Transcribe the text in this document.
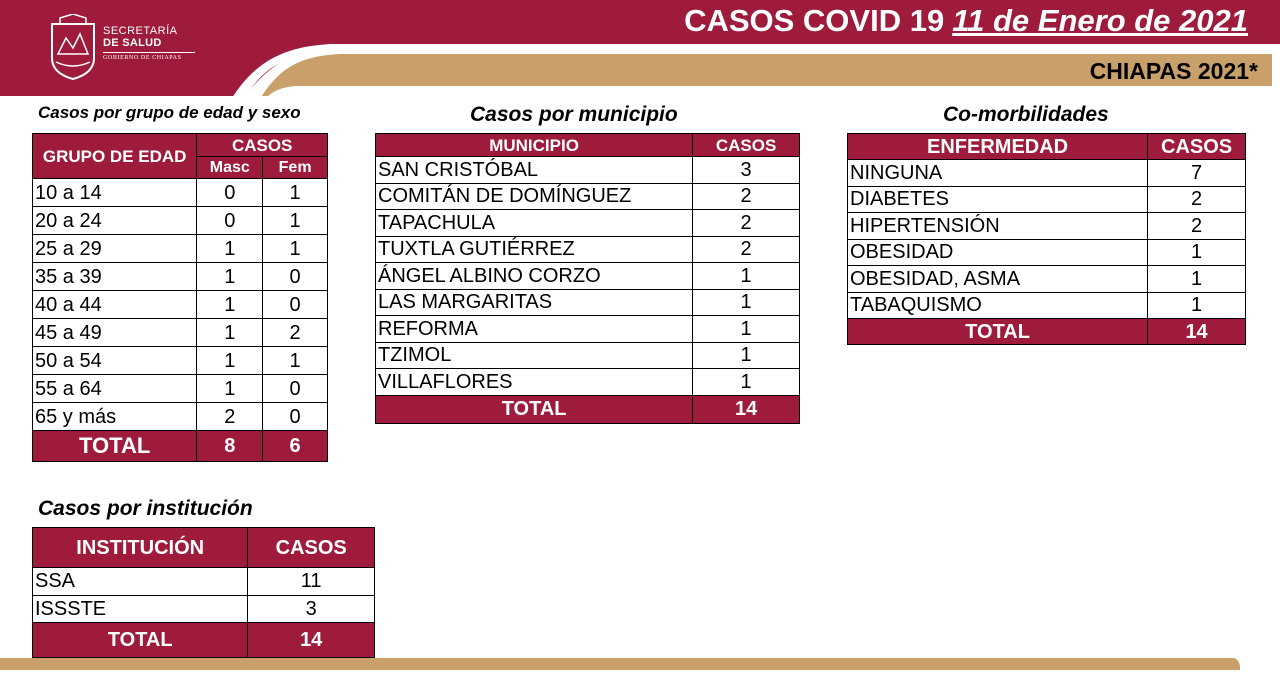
SECRETARÍA
DE SALUD
GOBIERNO DE CHIAPAS
CASOS COVID 19 11 de Enero de 2021
CHIAPAS 2021*
Casos por grupo de edad y sexo
GRUPO DE EDAD	CASOS	
	Masc	Fem
10 a 14	0	1
20 a 24	0	1
25 a 29	1	1
35 a 39	1	0
40 a 44	1	0
45 a 49	1	2
50 a 54	1	1
55 a 64	1	0
65 y más	2	0
TOTAL	8	6
Casos por municipio
MUNICIPIO	CASOS
SAN CRISTÓBAL	3
COMITÁN DE DOMÍNGUEZ	2
TAPACHULA	2
TUXTLA GUTIÉRREZ	2
ÁNGEL ALBINO CORZO	1
LAS MARGARITAS	1
REFORMA	1
TZIMOL	1
VILLAFLORES	1
TOTAL	14
Co-morbilidades
ENFERMEDAD	CASOS
NINGUNA	7
DIABETES	2
HIPERTENSIÓN	2
OBESIDAD	1
OBESIDAD, ASMA	1
TABAQUISMO	1
TOTAL	14
Casos por institución
INSTITUCIÓN	CASOS
SSA	11
ISSSTE	3
TOTAL	14
